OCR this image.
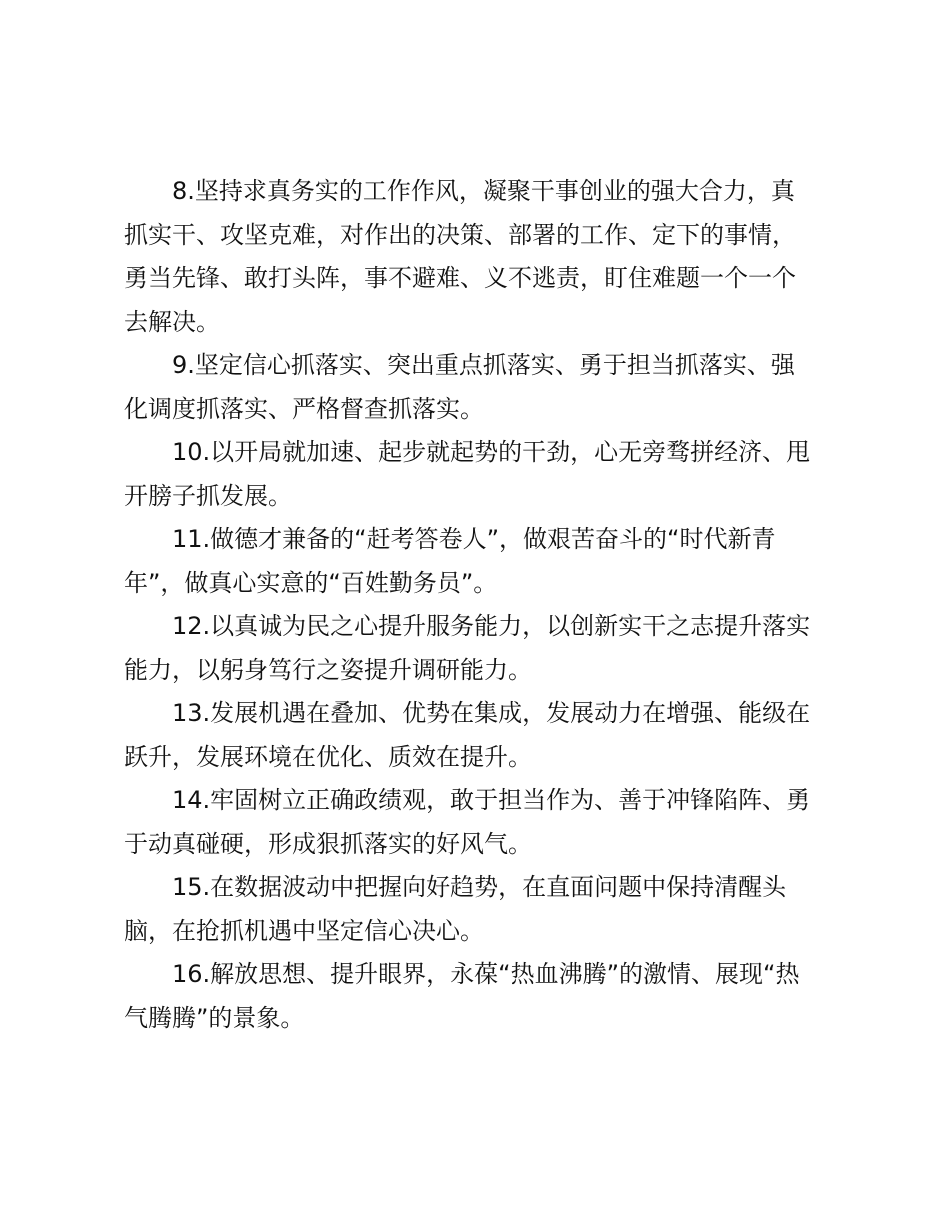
8.坚持求真务实的工作作风，凝聚干事创业的强大合力，真
抓实干、攻坚克难，对作出的决策、部署的工作、定下的事情，
勇当先锋、敢打头阵，事不避难、义不逃责，盯住难题一个一个
去解决。
9.坚定信心抓落实、突出重点抓落实、勇于担当抓落实、强
化调度抓落实、严格督查抓落实。
10.以开局就加速、起步就起势的干劲，心无旁骛拼经济、甩
开膀子抓发展。
11.做德才兼备的“赶考答卷人”，做艰苦奋斗的“时代新青
年”，做真心实意的“百姓勤务员”。
12.以真诚为民之心提升服务能力，以创新实干之志提升落实
能力，以躬身笃行之姿提升调研能力。
13.发展机遇在叠加、优势在集成，发展动力在增强、能级在
跃升，发展环境在优化、质效在提升。
14.牢固树立正确政绩观，敢于担当作为、善于冲锋陷阵、勇
于动真碰硬，形成狠抓落实的好风气。
15.在数据波动中把握向好趋势，在直面问题中保持清醒头
脑，在抢抓机遇中坚定信心决心。
16.解放思想、提升眼界，永葆“热血沸腾”的激情、展现“热
气腾腾”的景象。
